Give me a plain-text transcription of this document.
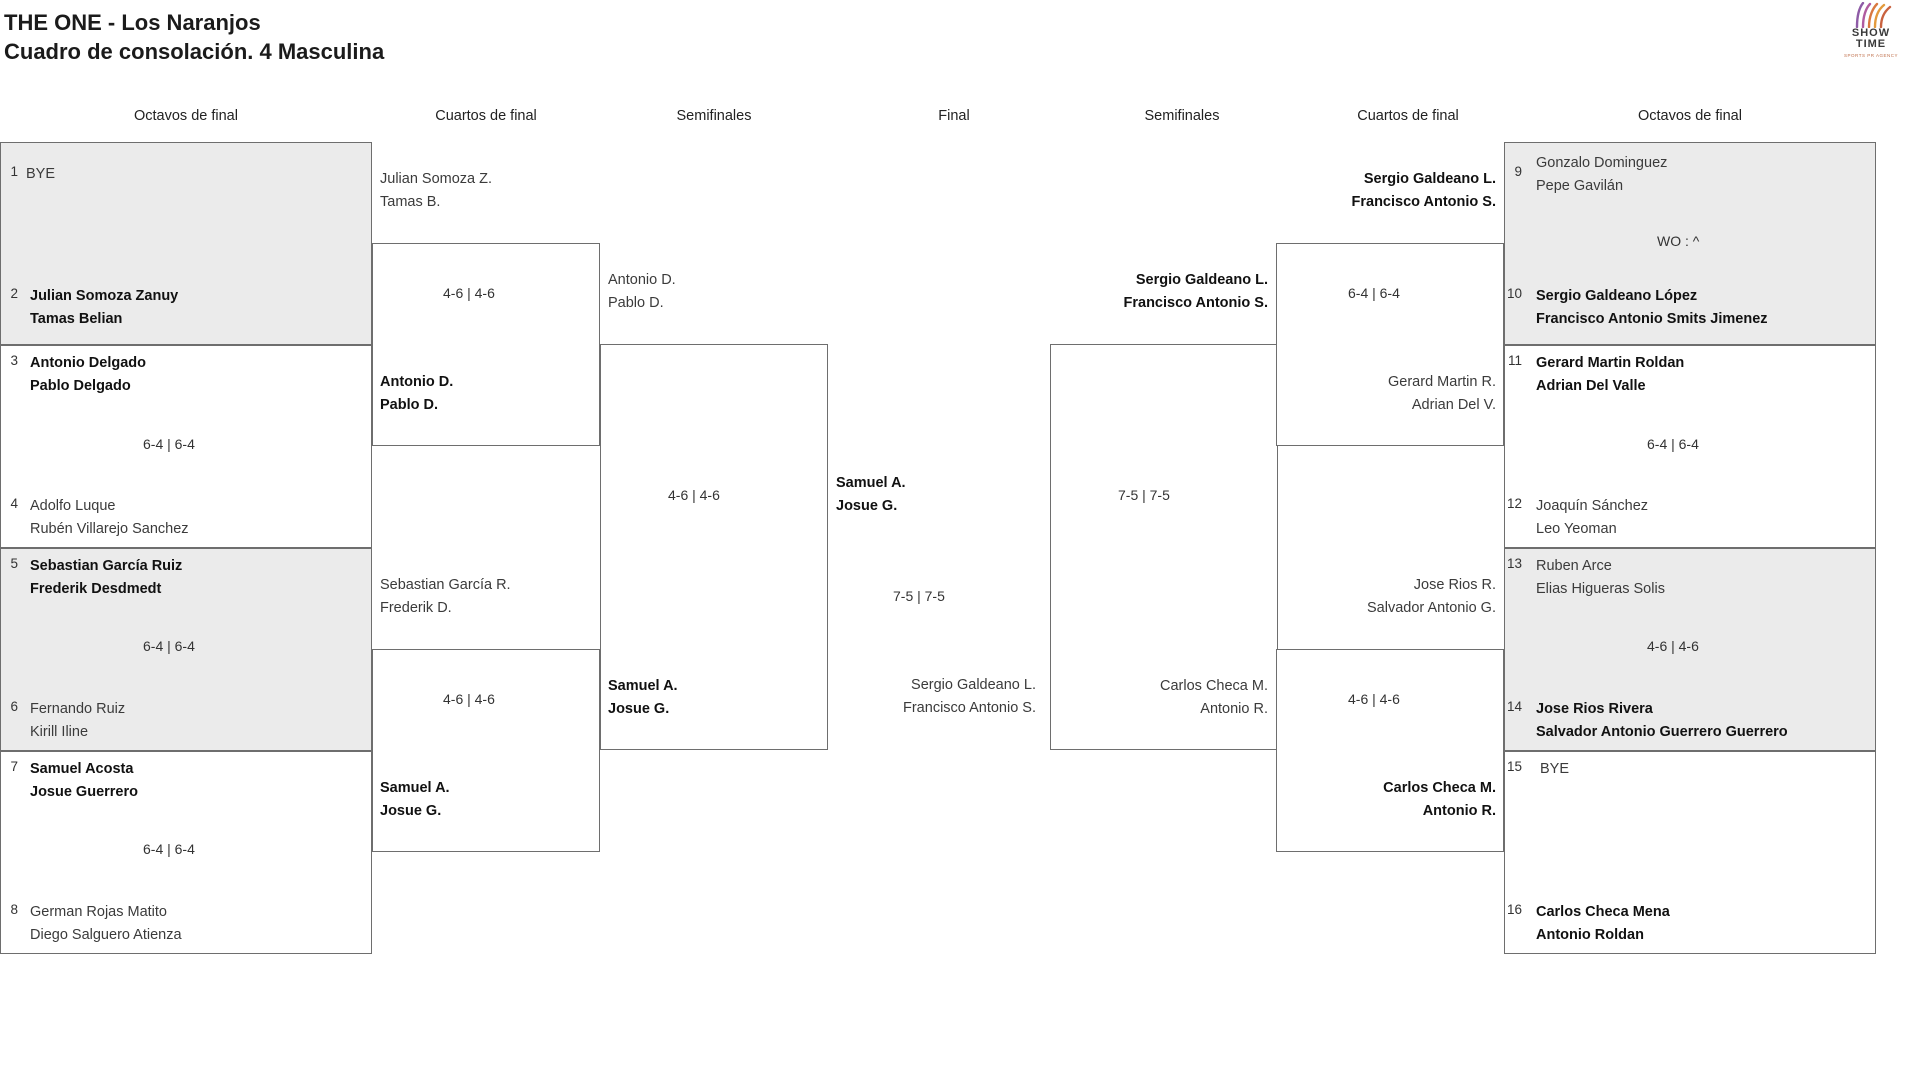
THE ONE - Los Naranjos
Cuadro de consolación. 4 Masculina
SHOW
TIME
SPORTS PR AGENCY
Octavos de final	Cuartos de final	Semifinales	Final	Semifinales	Cuartos de final	Octavos de final
1 BYE
2 Julian Somoza Zanuy
Tamas Belian
3 Antonio Delgado
Pablo Delgado
6-4 | 6-4
4 Adolfo Luque
Rubén Villarejo Sanchez
5 Sebastian García Ruiz
Frederik Desdmedt
6-4 | 6-4
6 Fernando Ruiz
Kirill Iline
7 Samuel Acosta
Josue Guerrero
6-4 | 6-4
8 German Rojas Matito
Diego Salguero Atienza
Julian Somoza Z.
Tamas B.
4-6 | 4-6
Antonio D.
Pablo D.
Sebastian García R.
Frederik D.
4-6 | 4-6
Samuel A.
Josue G.
Antonio D.
Pablo D.
4-6 | 4-6
Samuel A.
Josue G.
Samuel A.
Josue G.
7-5 | 7-5
Sergio Galdeano L.
Francisco Antonio S.
Sergio Galdeano L.
Francisco Antonio S.
7-5 | 7-5
Carlos Checa M.
Antonio R.
Sergio Galdeano L.
Francisco Antonio S.
6-4 | 6-4
Gerard Martin R.
Adrian Del V.
Jose Rios R.
Salvador Antonio G.
4-6 | 4-6
Carlos Checa M.
Antonio R.
9
Gonzalo Dominguez
Pepe Gavilán
WO : ^
10 Sergio Galdeano López
Francisco Antonio Smits Jimenez
11 Gerard Martin Roldan
Adrian Del Valle
6-4 | 6-4
12 Joaquín Sánchez
Leo Yeoman
13 Ruben Arce
Elias Higueras Solis
4-6 | 4-6
14 Jose Rios Rivera
Salvador Antonio Guerrero Guerrero
15 BYE
16 Carlos Checa Mena
Antonio Roldan
